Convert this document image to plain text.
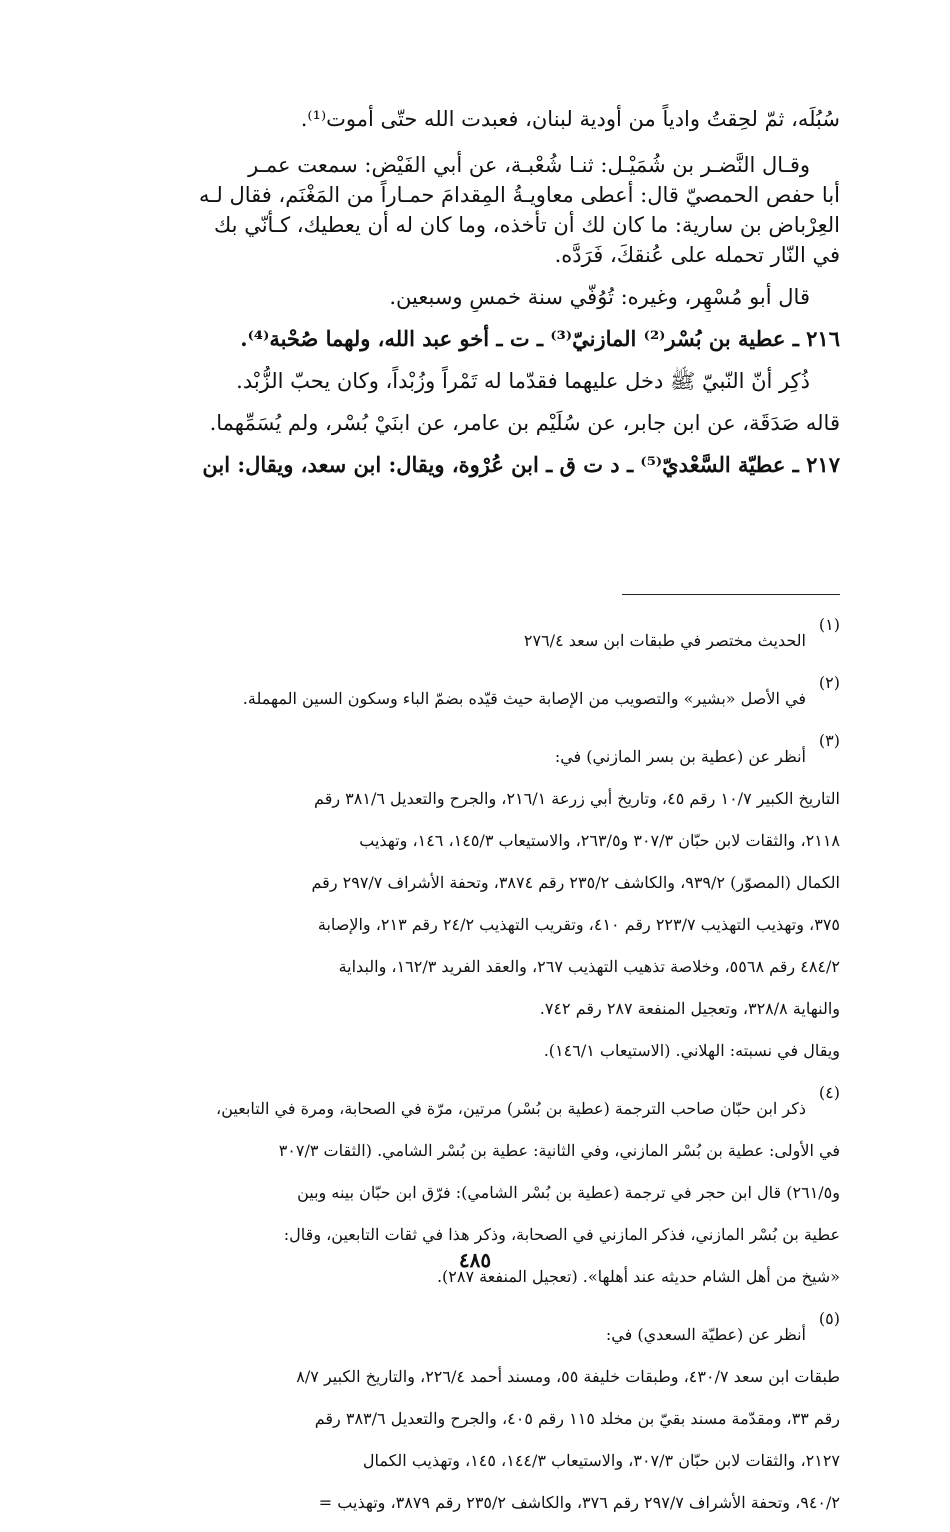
سُبُلَه، ثمّ لحِقتُ وادياً من أودية لبنان، فعبدت الله حتّى أموت⁽¹⁾.

وقـال النَّضـر بن شُمَيْـل: ثنـا شُعْبـة، عن أبي الفَيْض: سمعت عمـر

أبا حفص الحمصيّ قال: أعطى معاويـةُ المِقدامَ حمـاراً من المَغْنَم، فقال لـه

العِرْباض بن سارية: ما كان لك أن تأخذه، وما كان له أن يعطيك، كـأنّي بك

في النّار تحمله على عُنقكَ، فَرَدَّه.

قال أبو مُسْهِر، وغيره: تُوُفّي سنة خمسٍ وسبعين.

٢١٦ ـ عطية بن بُسْر⁽²⁾ المازنيّ⁽³⁾ ـ ت ـ أخو عبد الله، ولهما صُحْبة⁽⁴⁾.

ذُكِر أنّ النّبيّ ﷺ دخل عليهما فقدّما له تَمْراً وزُبْداً، وكان يحبّ الزُّبْد.

قاله صَدَقَة، عن ابن جابر، عن سُلَيْم بن عامر، عن ابنَيْ بُسْر، ولم يُسَمِّهما.

٢١٧ ـ عطيّة السَّعْديّ⁽⁵⁾ ـ د ت ق ـ ابن عُرْوة، ويقال: ابن سعد، ويقال: ابن

(١)

الحديث مختصر في طبقات ابن سعد ٢٧٦/٤

(٢)

في الأصل «بشير» والتصويب من الإصابة حيث قيّده بضمّ الباء وسكون السين المهملة.

(٣)

أنظر عن (عطية بن بسر المازني) في:

التاريخ الكبير ١٠/٧ رقم ٤٥، وتاريخ أبي زرعة ٢١٦/١، والجرح والتعديل ٣٨١/٦ رقم

٢١١٨، والثقات لابن حبّان ٣٠٧/٣ و٢٦٣/٥، والاستيعاب ١٤٥/٣، ١٤٦، وتهذيب

الكمال (المصوّر) ٩٣٩/٢، والكاشف ٢٣٥/٢ رقم ٣٨٧٤، وتحفة الأشراف ٢٩٧/٧ رقم

٣٧٥، وتهذيب التهذيب ٢٢٣/٧ رقم ٤١٠، وتقريب التهذيب ٢٤/٢ رقم ٢١٣، والإصابة

٤٨٤/٢ رقم ٥٥٦٨، وخلاصة تذهيب التهذيب ٢٦٧، والعقد الفريد ١٦٢/٣، والبداية

والنهاية ٣٢٨/٨، وتعجيل المنفعة ٢٨٧ رقم ٧٤٢.

ويقال في نسبته: الهلاني. (الاستيعاب ١٤٦/١).

(٤)

ذكر ابن حبّان صاحب الترجمة (عطية بن بُسْر) مرتين، مرّة في الصحابة، ومرة في التابعين،

في الأولى: عطية بن بُسْر المازني، وفي الثانية: عطية بن بُسْر الشامي. (الثقات ٣٠٧/٣

و٢٦١/٥) قال ابن حجر في ترجمة (عطية بن بُسْر الشامي): فرّق ابن حبّان بينه وبين

عطية بن بُسْر المازني، فذكر المازني في الصحابة، وذكر هذا في ثقات التابعين، وقال:

«شيخ من أهل الشام حديثه عند أهلها». (تعجيل المنفعة ٢٨٧).

(٥)

أنظر عن (عطيّة السعدي) في:

طبقات ابن سعد ٤٣٠/٧، وطبقات خليفة ٥٥، ومسند أحمد ٢٢٦/٤، والتاريخ الكبير ٨/٧

رقم ٣٣، ومقدّمة مسند بقيّ بن مخلد ١١٥ رقم ٤٠٥، والجرح والتعديل ٣٨٣/٦ رقم

٢١٢٧، والثقات لابن حبّان ٣٠٧/٣، والاستيعاب ١٤٤/٣، ١٤٥، وتهذيب الكمال

٩٤٠/٢، وتحفة الأشراف ٢٩٧/٧ رقم ٣٧٦، والكاشف ٢٣٥/٢ رقم ٣٨٧٩، وتهذيب =

٤٨٥
